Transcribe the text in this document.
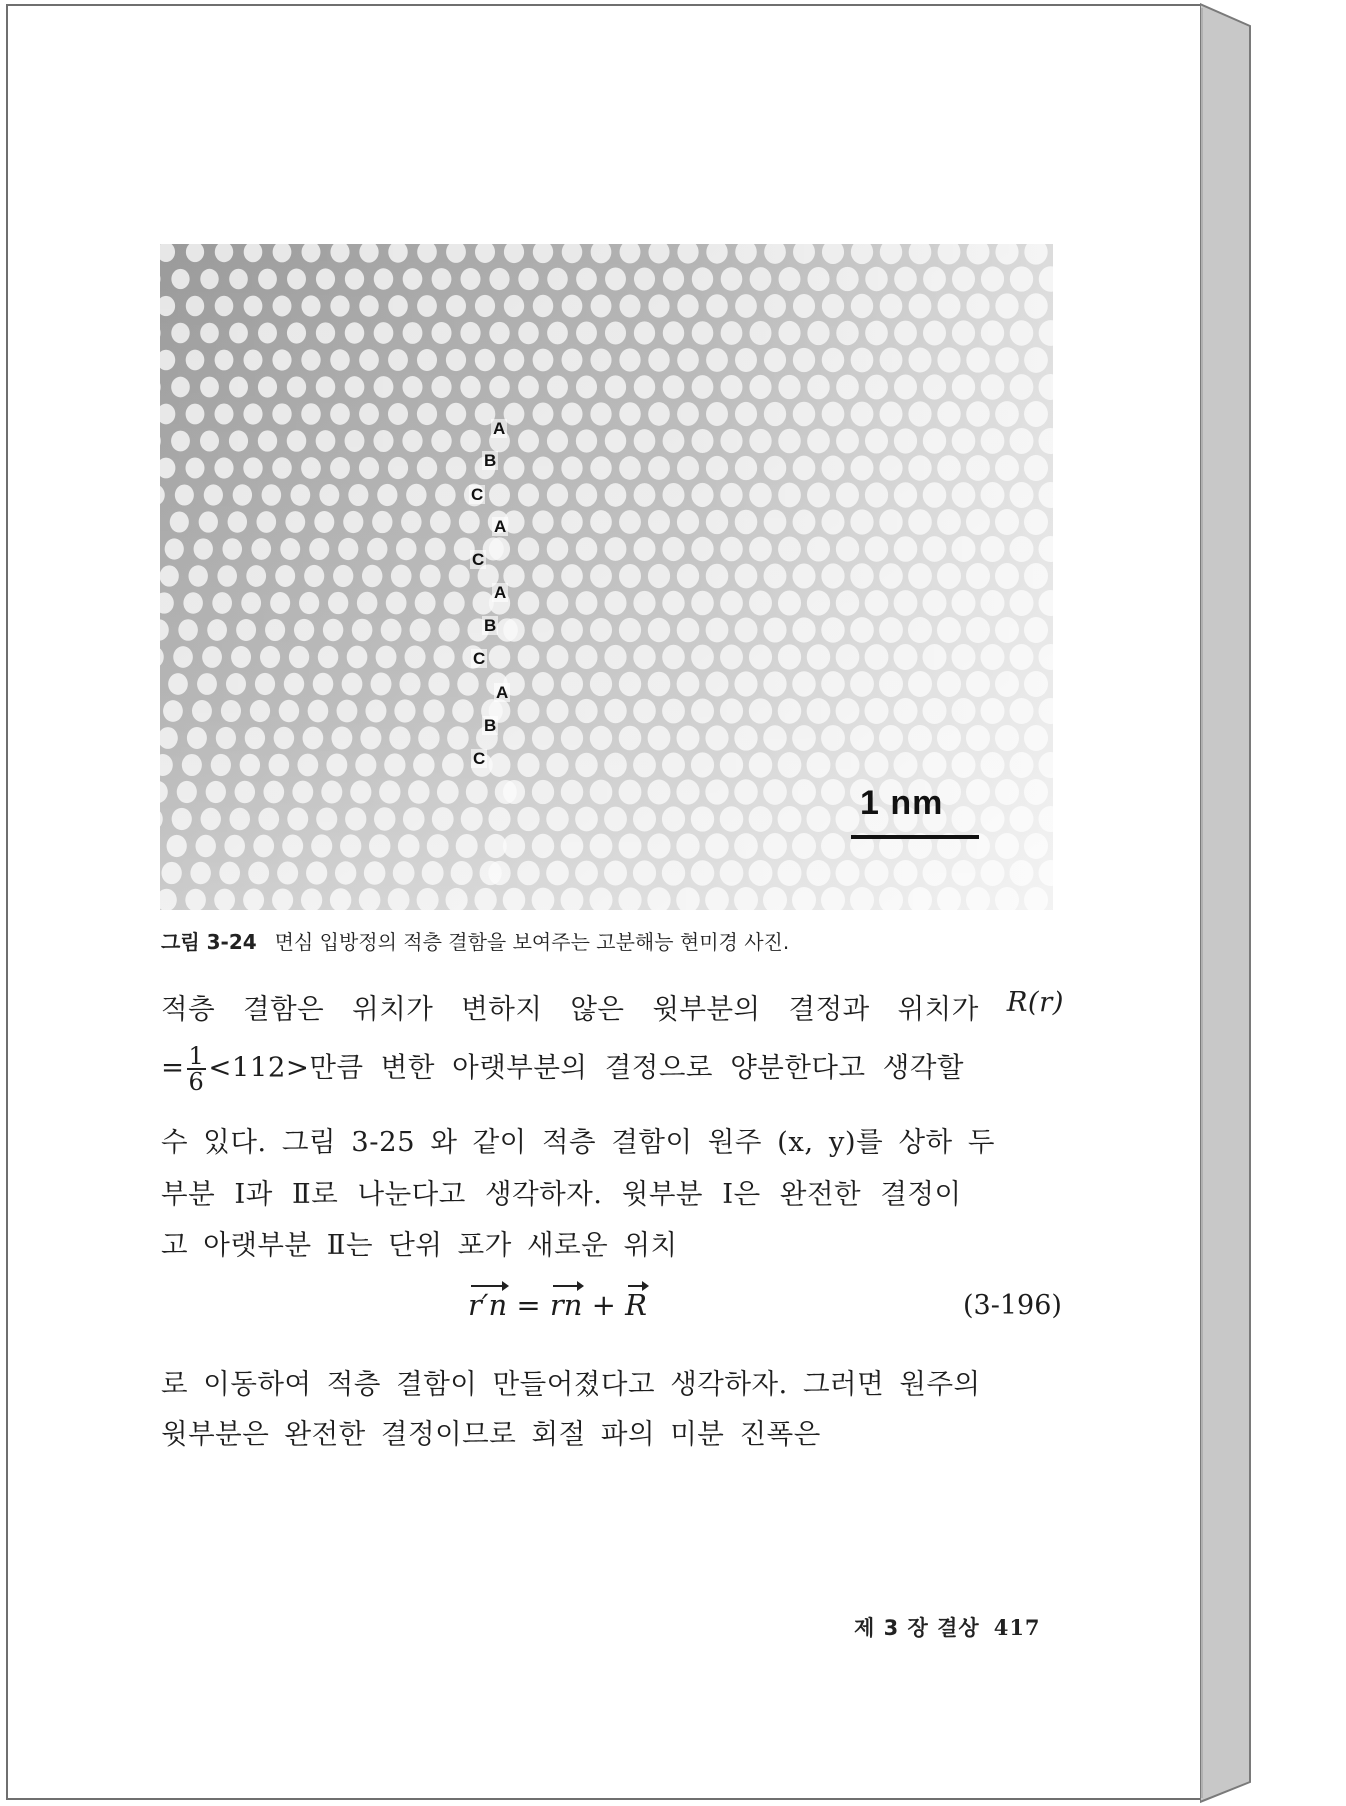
A
B
C
A
C
A
B
C
A
B
C
1 nm
그림 3-24 면심 입방정의 적층 결함을 보여주는 고분해능 현미경 사진.
적층 결함은 위치가 변하지 않은 윗부분의 결정과 위치가 R(r)
= $\frac{1}{6} <112>$만큼 변한 아랫부분의 결정으로 양분한다고 생각할
수 있다. 그림 3-25 와 같이 적층 결함이 원주 (x, y)를 상하 두
부분 Ⅰ과 Ⅱ로 나눈다고 생각하자. 윗부분 Ⅰ은 완전한 결정이
고 아랫부분 Ⅱ는 단위 포가 새로운 위치
r′n = rn + R	(3-196)
로 이동하여 적층 결함이 만들어졌다고 생각하자. 그러면 원주의
윗부분은 완전한 결정이므로 회절 파의 미분 진폭은
제 3 장 결상 417
